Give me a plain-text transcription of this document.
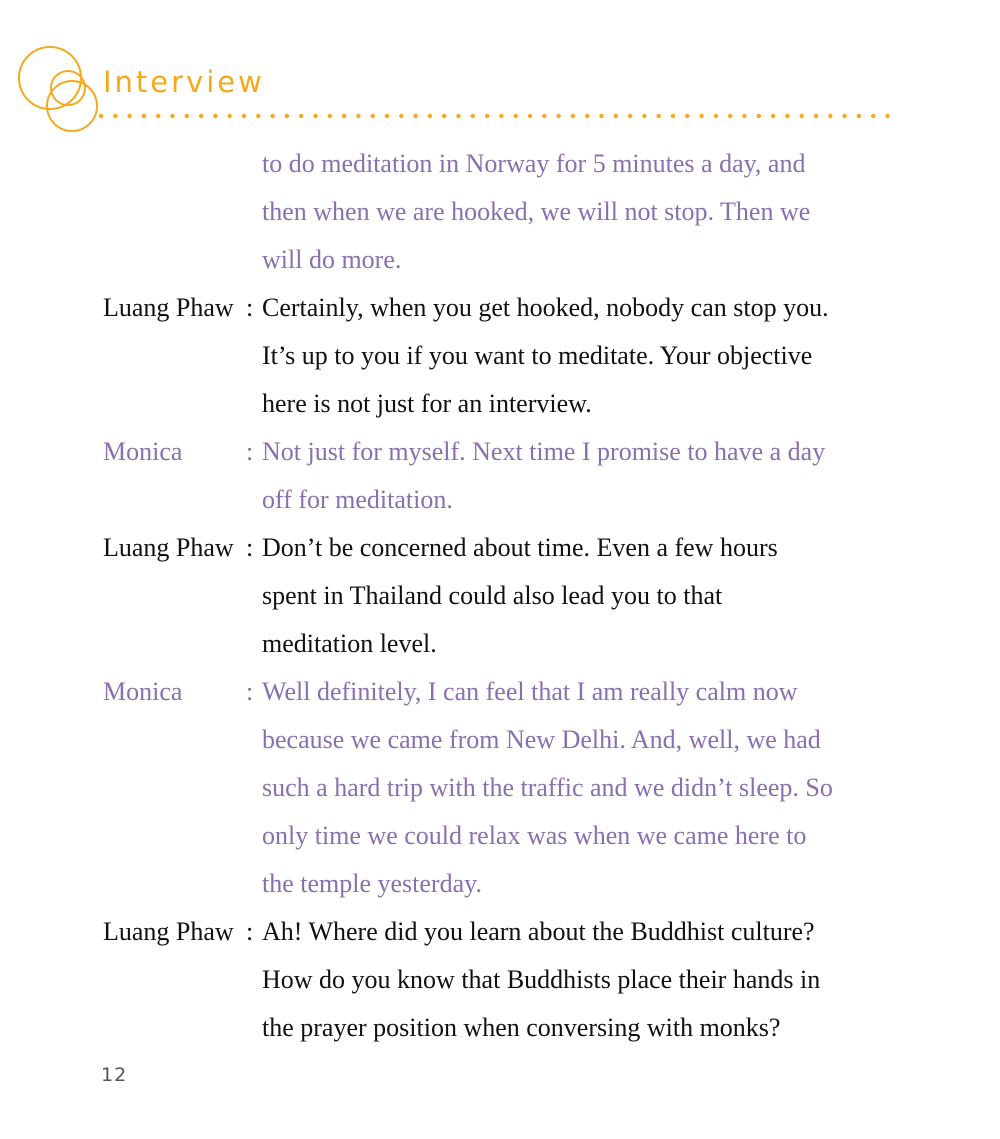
Interview
to do meditation in Norway for 5 minutes a day, and
then when we are hooked, we will not stop. Then we
will do more.
Luang Phaw : Certainly, when you get hooked, nobody can stop you.
It’s up to you if you want to meditate. Your objective
here is not just for an interview.
Monica : Not just for myself. Next time I promise to have a day
off for meditation.
Luang Phaw : Don’t be concerned about time. Even a few hours
spent in Thailand could also lead you to that
meditation level.
Monica : Well definitely, I can feel that I am really calm now
because we came from New Delhi. And, well, we had
such a hard trip with the traffic and we didn’t sleep. So
only time we could relax was when we came here to
the temple yesterday.
Luang Phaw : Ah! Where did you learn about the Buddhist culture?
How do you know that Buddhists place their hands in
the prayer position when conversing with monks?
12
